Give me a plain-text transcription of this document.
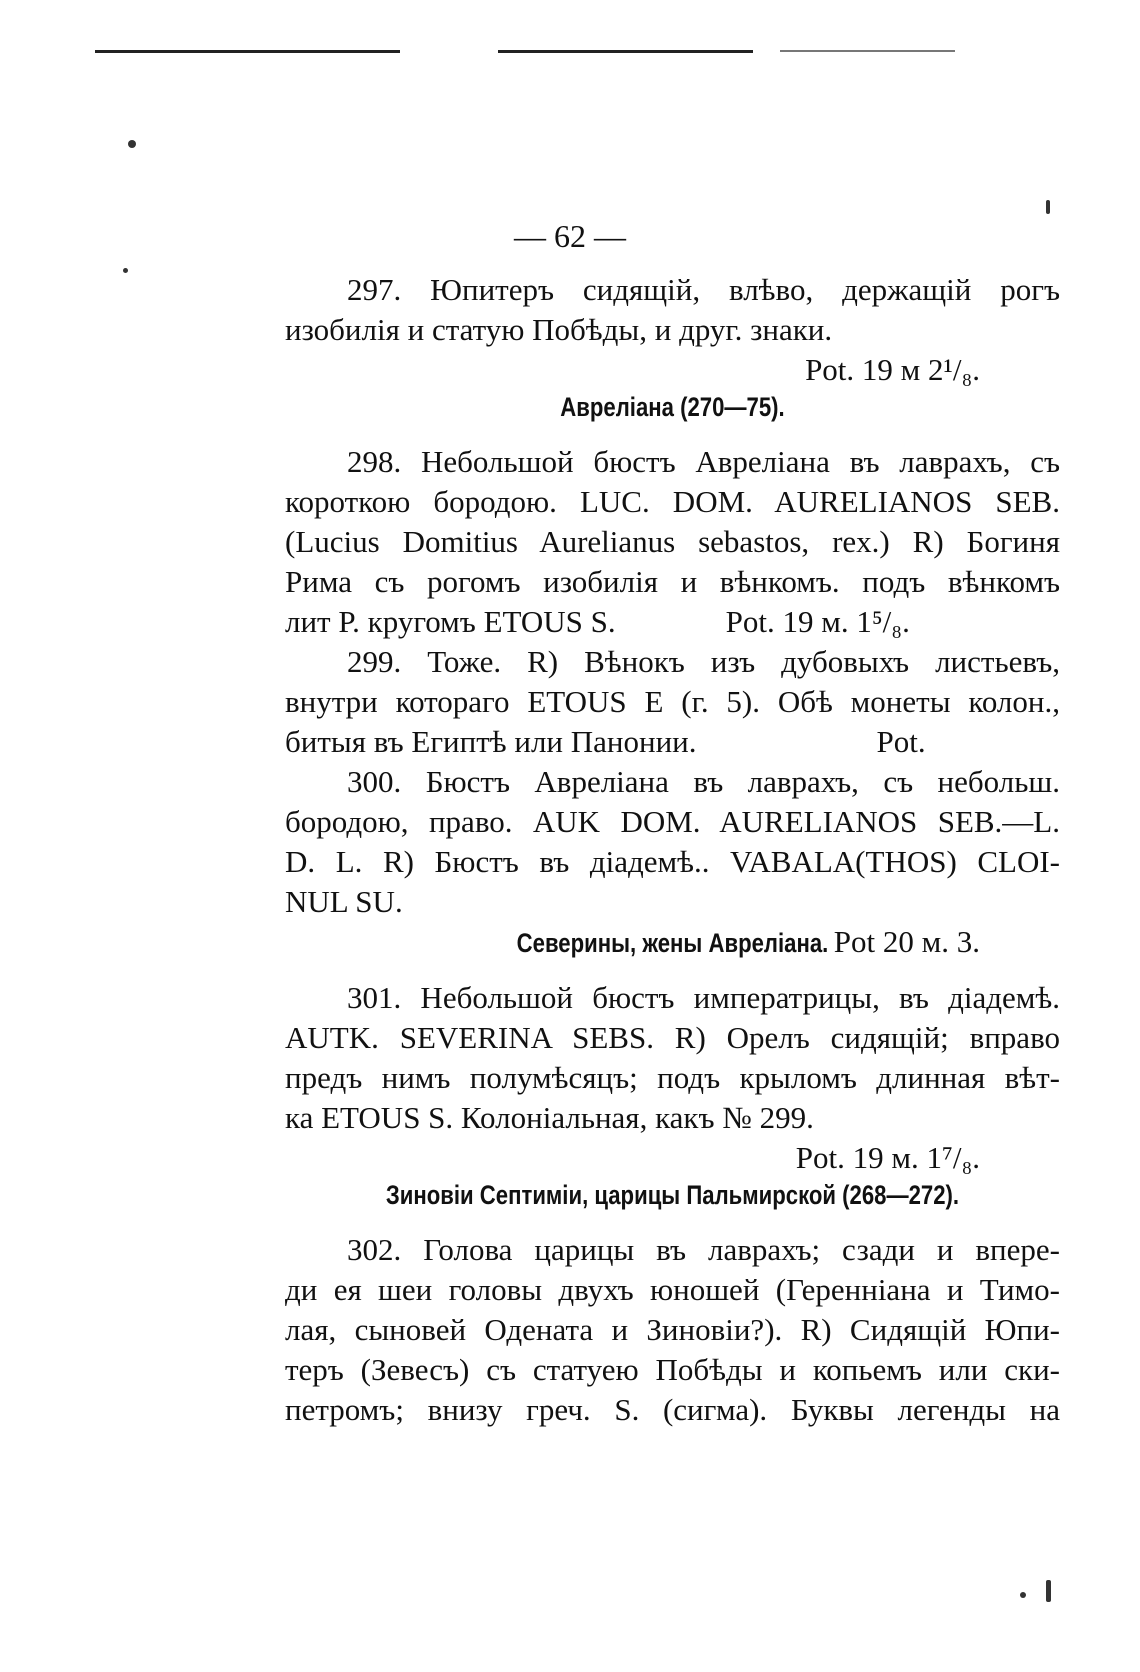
— 62 —
297. Юпитеръ сидящій, влѣво, держащій рогъ
изобилія и статую Побѣды, и друг. знаки.
Pot. 19 м 2¹/₈.
Авреліана (270—75).
298. Небольшой бюстъ Авреліана въ лаврахъ, съ
короткою бородою. LUC. DOM. AURELIANOS SEB.
(Lucius Domitius Aurelianus sebastos, rex.) R) Богиня
Рима съ рогомъ изобилія и вѣнкомъ. подъ вѣнкомъ
лит P. кругомъ ETOUS S.	Pot. 19 м. 1⁵/₈.
299. Тоже. R) Вѣнокъ изъ дубовыхъ листьевъ,
внутри котораго ETOUS E (г. 5). Обѣ монеты колон.,
битыя въ Египтѣ или Панонии.	Pot.
300. Бюстъ Авреліана въ лаврахъ, съ небольш.
бородою, право. AUK DOM. AURELIANOS SEB.—L.
D. L. R) Бюстъ въ діадемѣ.. VABALA(THOS) CLOI-
NUL SU.
Pot 20 м. 3.
Северины, жены Авреліана.
301. Небольшой бюстъ императрицы, въ діадемѣ.
AUTK. SEVERINA SEBS. R) Орелъ сидящій; вправо
предъ нимъ полумѣсяцъ; подъ крыломъ длинная вѣт-
ка ETOUS S. Колоніальная, какъ № 299.
Pot. 19 м. 1⁷/₈.
Зиновіи Септиміи, царицы Пальмирской (268—272).
302. Голова царицы въ лаврахъ; сзади и впере-
ди ея шеи головы двухъ юношей (Геренніана и Тимо-
лая, сыновей Одената и Зиновіи?). R) Сидящій Юпи-
теръ (Зевесъ) съ статуею Побѣды и копьемъ или ски-
петромъ; внизу греч. S. (сигма). Буквы легенды на
